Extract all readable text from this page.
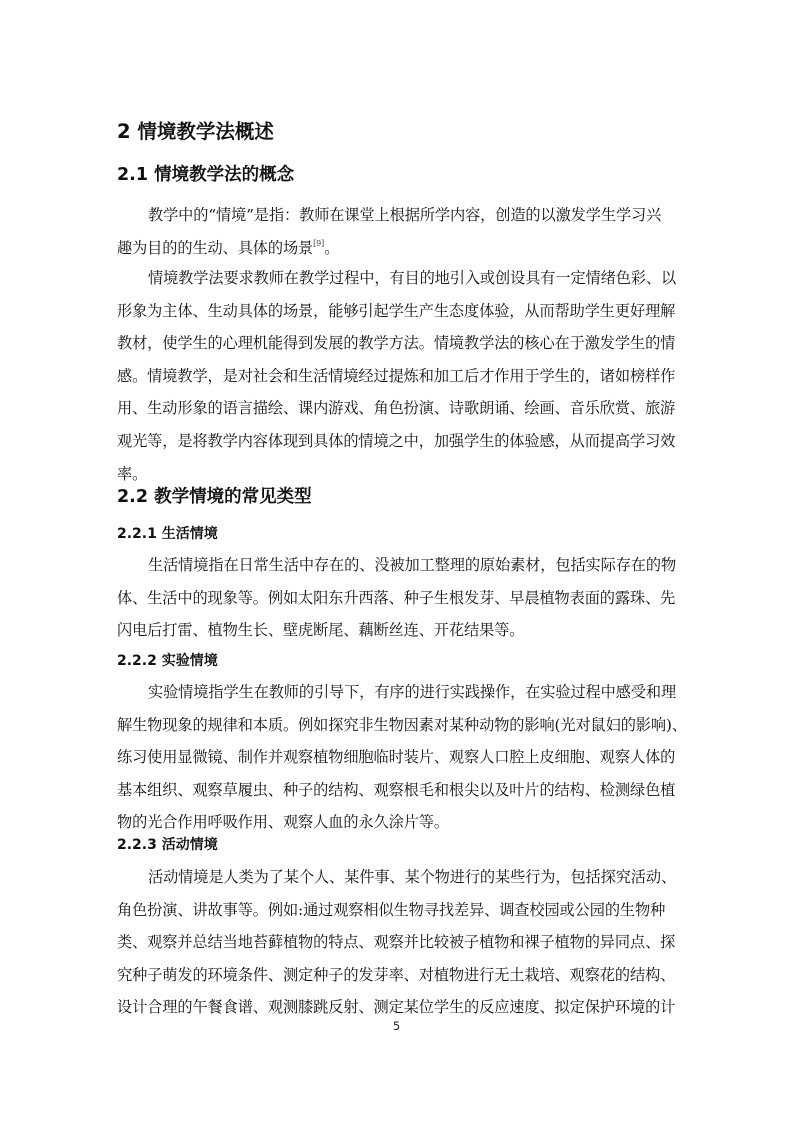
2 情境教学法概述
2.1 情境教学法的概念
教学中的“情境”是指：教师在课堂上根据所学内容，创造的以激发学生学习兴
趣为目的的生动、具体的场景[9]。
情境教学法要求教师在教学过程中，有目的地引入或创设具有一定情绪色彩、以
形象为主体、生动具体的场景，能够引起学生产生态度体验，从而帮助学生更好理解
教材，使学生的心理机能得到发展的教学方法。情境教学法的核心在于激发学生的情
感。情境教学，是对社会和生活情境经过提炼和加工后才作用于学生的，诸如榜样作
用、生动形象的语言描绘、课内游戏、角色扮演、诗歌朗诵、绘画、音乐欣赏、旅游
观光等，是将教学内容体现到具体的情境之中，加强学生的体验感，从而提高学习效
率。
2.2 教学情境的常见类型
2.2.1 生活情境
生活情境指在日常生活中存在的、没被加工整理的原始素材，包括实际存在的物
体、生活中的现象等。例如太阳东升西落、种子生根发芽、早晨植物表面的露珠、先
闪电后打雷、植物生长、壁虎断尾、藕断丝连、开花结果等。
2.2.2 实验情境
实验情境指学生在教师的引导下，有序的进行实践操作，在实验过程中感受和理
解生物现象的规律和本质。例如探究非生物因素对某种动物的影响(光对鼠妇的影响)、
练习使用显微镜、制作并观察植物细胞临时装片、观察人口腔上皮细胞、观察人体的
基本组织、观察草履虫、种子的结构、观察根毛和根尖以及叶片的结构、检测绿色植
物的光合作用呼吸作用、观察人血的永久涂片等。
2.2.3 活动情境
活动情境是人类为了某个人、某件事、某个物进行的某些行为，包括探究活动、
角色扮演、讲故事等。例如:通过观察相似生物寻找差异、调查校园或公园的生物种
类、观察并总结当地苔藓植物的特点、观察并比较被子植物和裸子植物的异同点、探
究种子萌发的环境条件、测定种子的发芽率、对植物进行无土栽培、观察花的结构、
设计合理的午餐食谱、观测膝跳反射、测定某位学生的反应速度、拟定保护环境的计
5
